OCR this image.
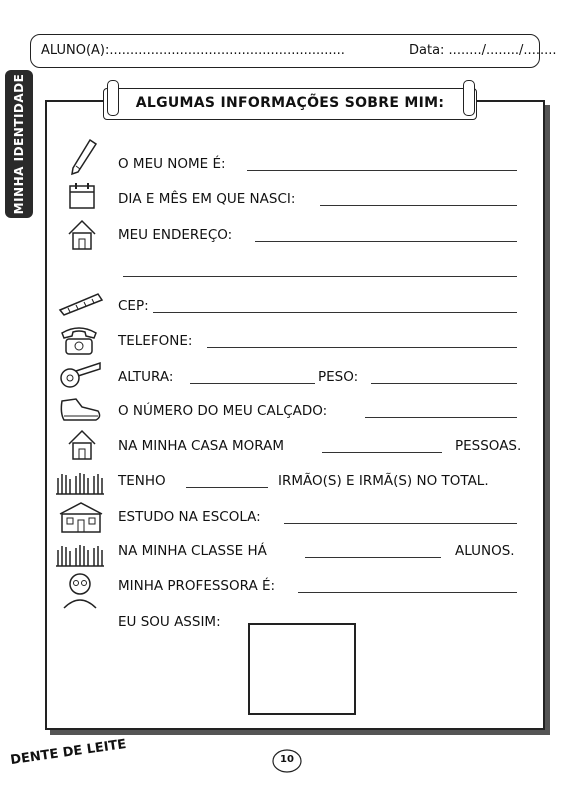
ALUNO(A):.........................................................	Data: ......../......../........
MINHA IDENTIDADE	ALGUMAS INFORMAÇÕES SOBRE MIM:
O MEU NOME É:
DIA E MÊS EM QUE NASCI:
MEU ENDEREÇO:
CEP:
TELEFONE:
ALTURA:	PESO:
O NÚMERO DO MEU CALÇADO:
NA MINHA CASA MORAM	PESSOAS.
TENHO	IRMÃO(S) E IRMÃ(S) NO TOTAL.
ESTUDO NA ESCOLA:
NA MINHA CLASSE HÁ	ALUNOS.
MINHA PROFESSORA É:
EU SOU ASSIM:
DENTE DE LEITE	10
